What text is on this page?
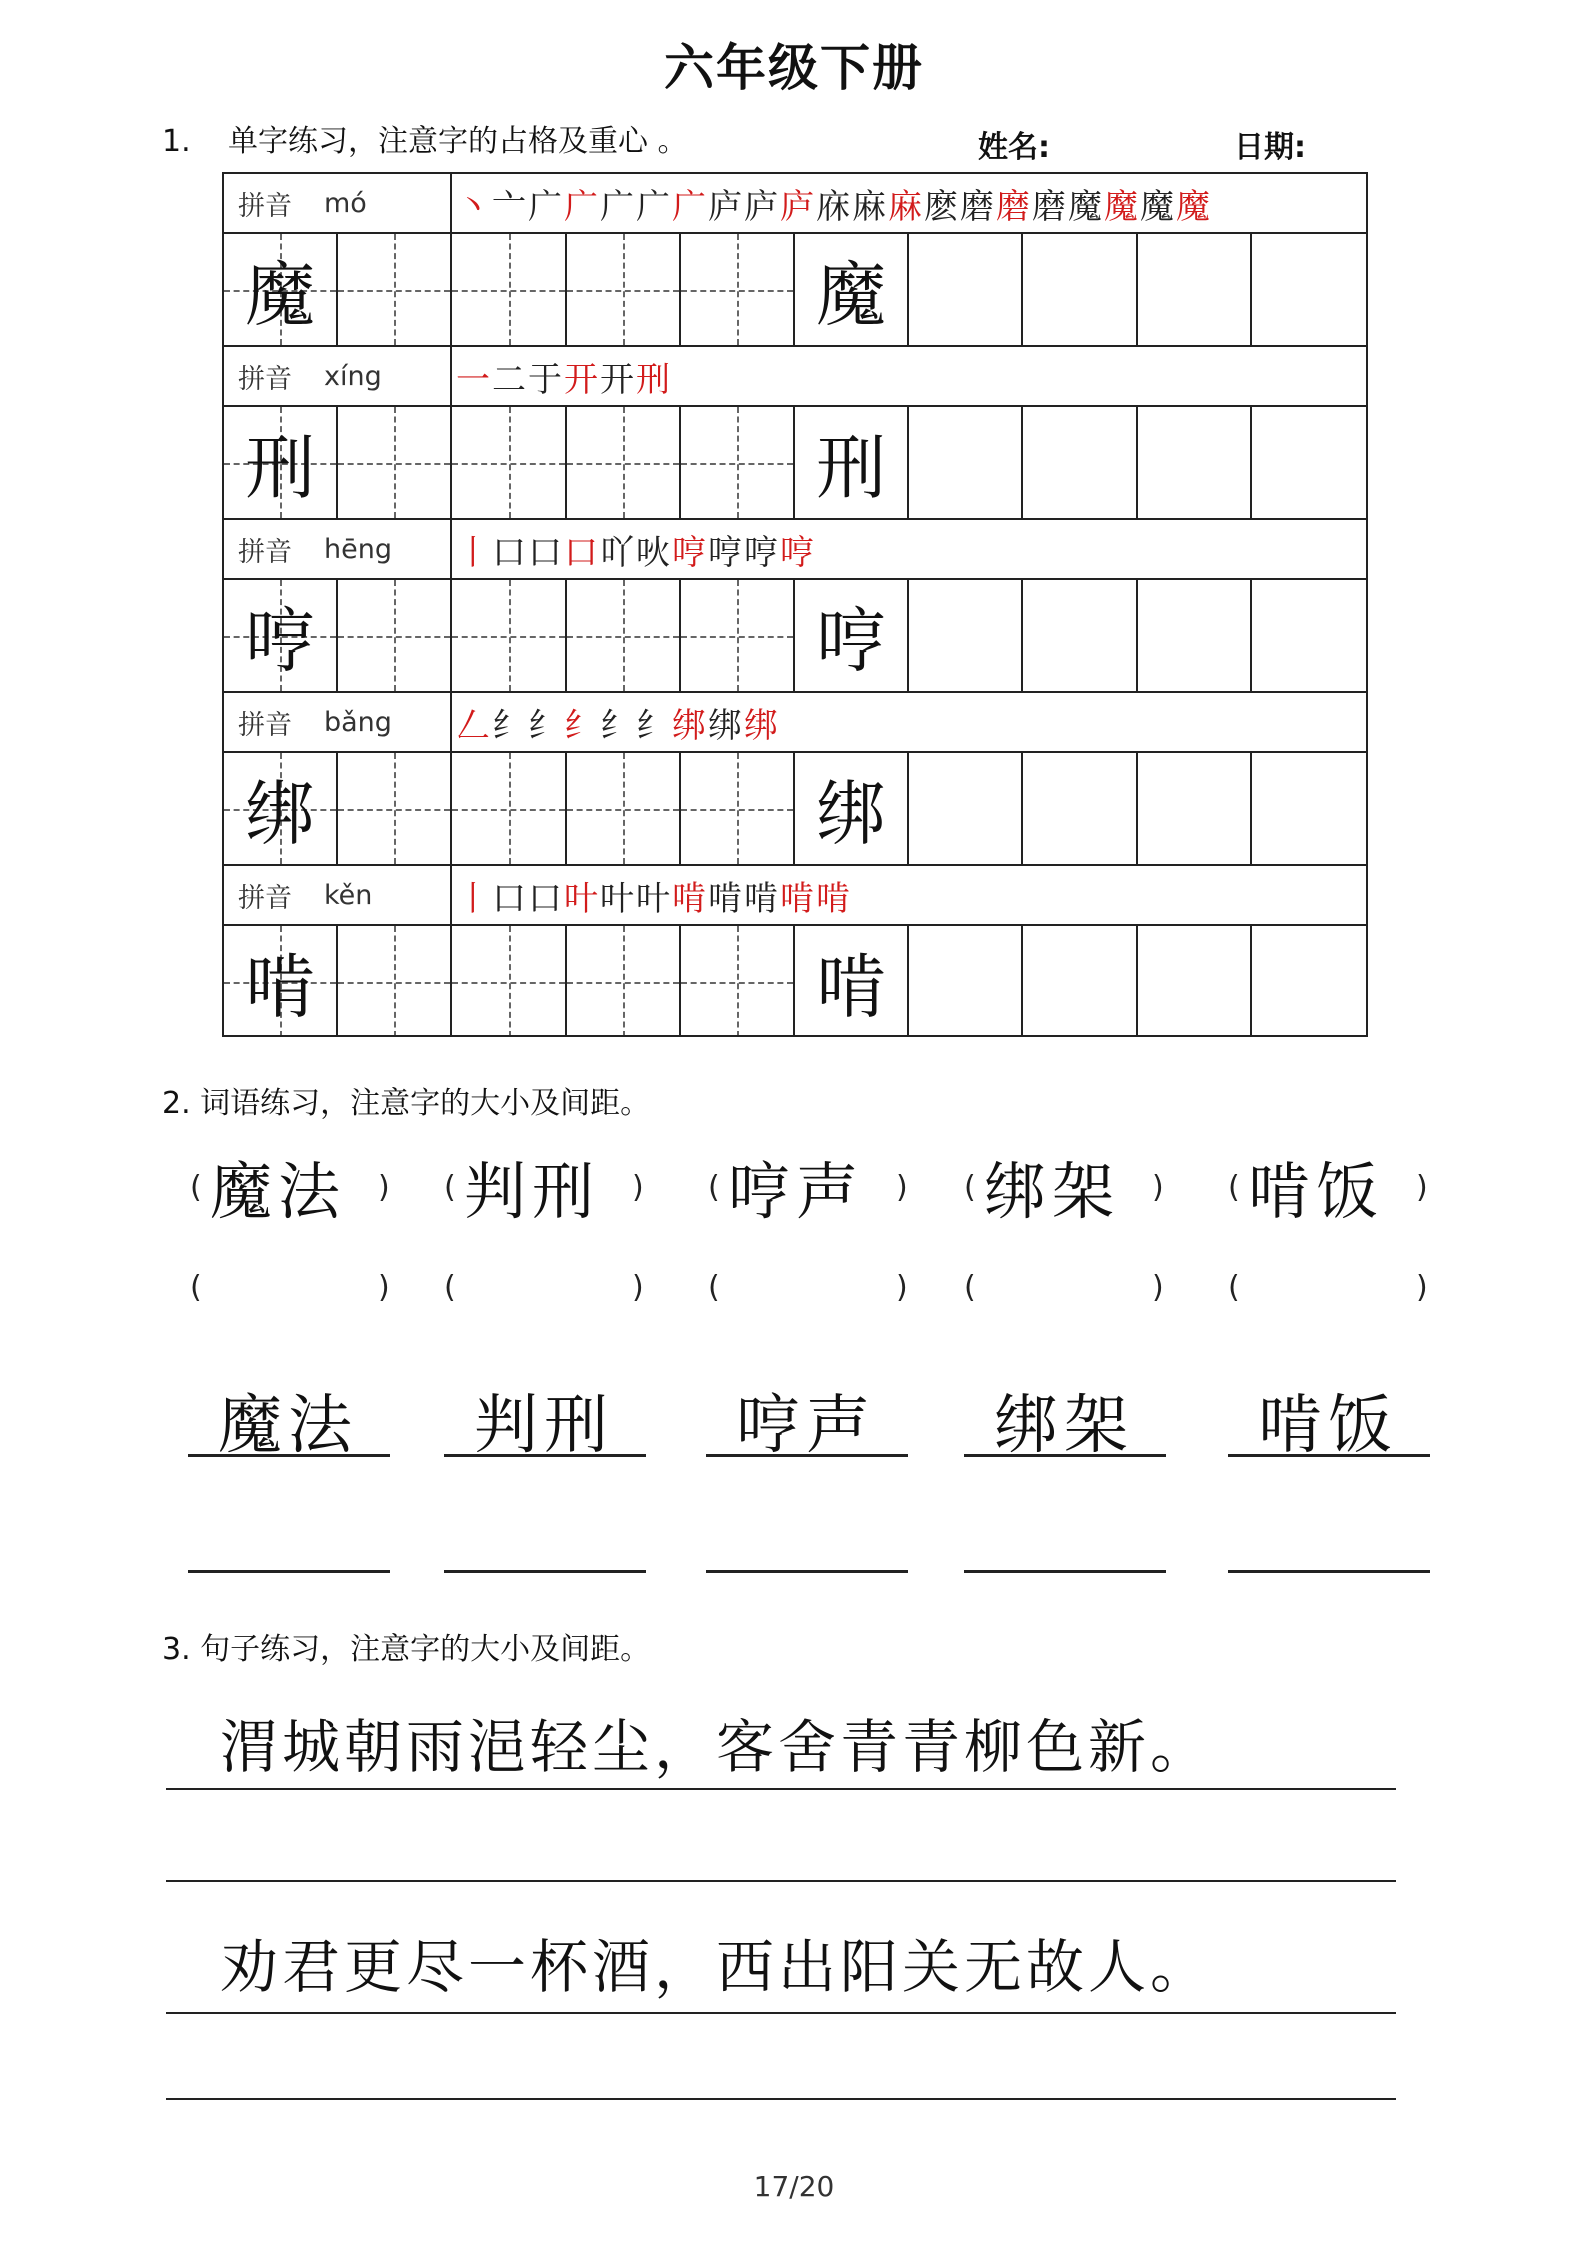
六年级下册
1. 单字练习，注意字的占格及重心 。	姓名:	日期:
拼音	mó	丶 亠 广 广 广 广 广 庐 庐 庐 庥 麻 麻 麽 磨 磨 磨 魔 魔 魔 魔
魔	魔
拼音	xíng 一 二 于 开 开 刑
刑	刑
拼音	hēng 丨 口 口 口 吖 吙 哼 哼 哼 哼
哼	哼
拼音	bǎng 𠃋 纟 纟 纟 纟 纟 绑 绑 绑
绑	绑
拼音	kěn 丨 口 口 叶 叶 叶 啃 啃 啃 啃 啃
啃	啃
2. 词语练习，注意字的大小及间距。
( 魔法 )
(	)
魔法
( 判刑 )
(	)
判刑
( 哼声 )
(	)
哼声
( 绑架 )
(	)
绑架
( 啃饭 )
(	)
啃饭
3. 句子练习，注意字的大小及间距。
渭城朝雨浥轻尘，客舍青青柳色新。
劝君更尽一杯酒，西出阳关无故人。
17/20
